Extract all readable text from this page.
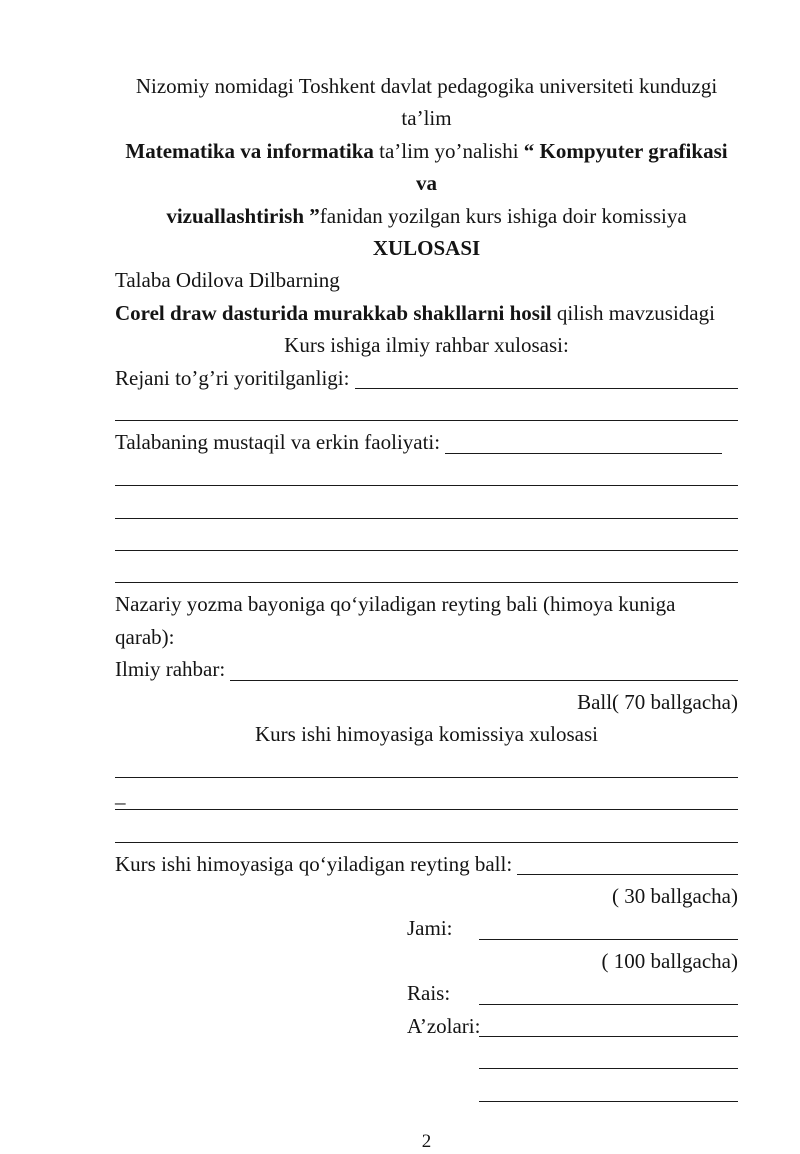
Nizomiy nomidagi Toshkent davlat pedagogika universiteti kunduzgi ta’lim

Matematika va informatika ta’lim yo’nalishi “ Kompyuter grafikasi va

vizuallashtirish ”fanidan yozilgan kurs ishiga doir komissiya

XULOSASI

Talaba Odilova Dilbarning

Corel draw dasturida murakkab shakllarni hosil qilish mavzusidagi

Kurs ishiga ilmiy rahbar xulosasi:

Rejani to’g’ri yoritilganligi:

Talabaning mustaqil va erkin faoliyati:

Nazariy yozma bayoniga qo‘yiladigan reyting bali (himoya kuniga qarab):

Ilmiy rahbar:

Ball( 70 ballgacha)

Kurs ishi himoyasiga komissiya xulosasi

_

Kurs ishi himoyasiga qo‘yiladigan reyting ball:

( 30 ballgacha)

Jami:

( 100 ballgacha)

Rais:

A’zolari:

2
